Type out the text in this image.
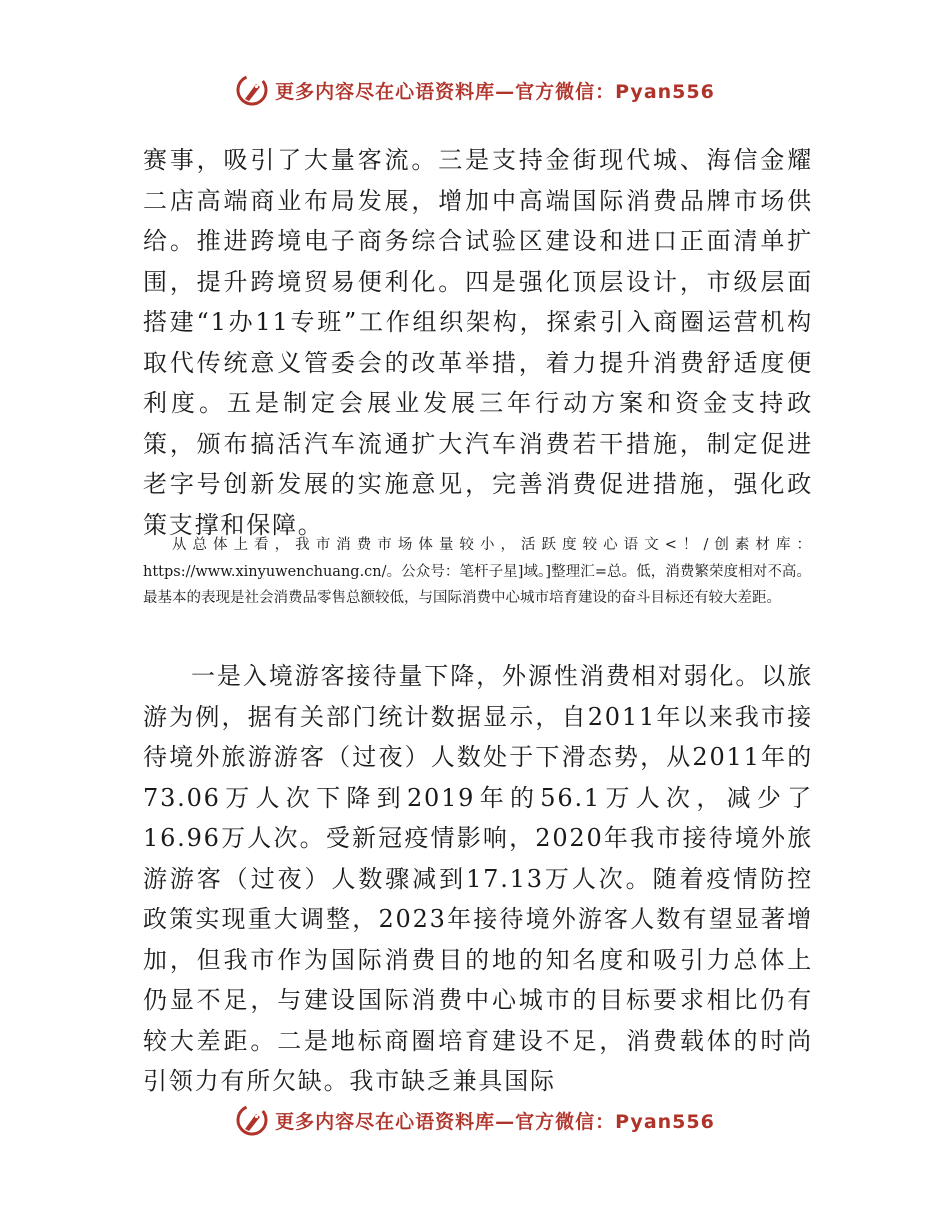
更多内容尽在心语资料库—官方微信：Pyan556

赛事，吸引了大量客流。三是支持金街现代城、海信金耀二店高端商业布局发展，增加中高端国际消费品牌市场供给。推进跨境电子商务综合试验区建设和进口正面清单扩围，提升跨境贸易便利化。四是强化顶层设计，市级层面搭建“1办11专班”工作组织架构，探索引入商圈运营机构取代传统意义管委会的改革举措，着力提升消费舒适度便利度。五是制定会展业发展三年行动方案和资金支持政策，颁布搞活汽车流通扩大汽车消费若干措施，制定促进老字号创新发展的实施意见，完善消费促进措施，强化政策支撑和保障。

从总体上看，我市消费市场体量较小，活跃度较心语文<！/创素材库：https://www.xinyuwenchuang.cn/。公众号：笔杆子星]域。]整理汇=总。低，消费繁荣度相对不高。最基本的表现是社会消费品零售总额较低，与国际消费中心城市培育建设的奋斗目标还有较大差距。

一是入境游客接待量下降，外源性消费相对弱化。以旅游为例，据有关部门统计数据显示，自2011年以来我市接待境外旅游游客（过夜）人数处于下滑态势，从2011年的73.06万人次下降到2019年的56.1万人次，减少了16.96万人次。受新冠疫情影响，2020年我市接待境外旅游游客（过夜）人数骤减到17.13万人次。随着疫情防控政策实现重大调整，2023年接待境外游客人数有望显著增加，但我市作为国际消费目的地的知名度和吸引力总体上仍显不足，与建设国际消费中心城市的目标要求相比仍有较大差距。二是地标商圈培育建设不足，消费载体的时尚引领力有所欠缺。我市缺乏兼具国际

更多内容尽在心语资料库—官方微信：Pyan556
